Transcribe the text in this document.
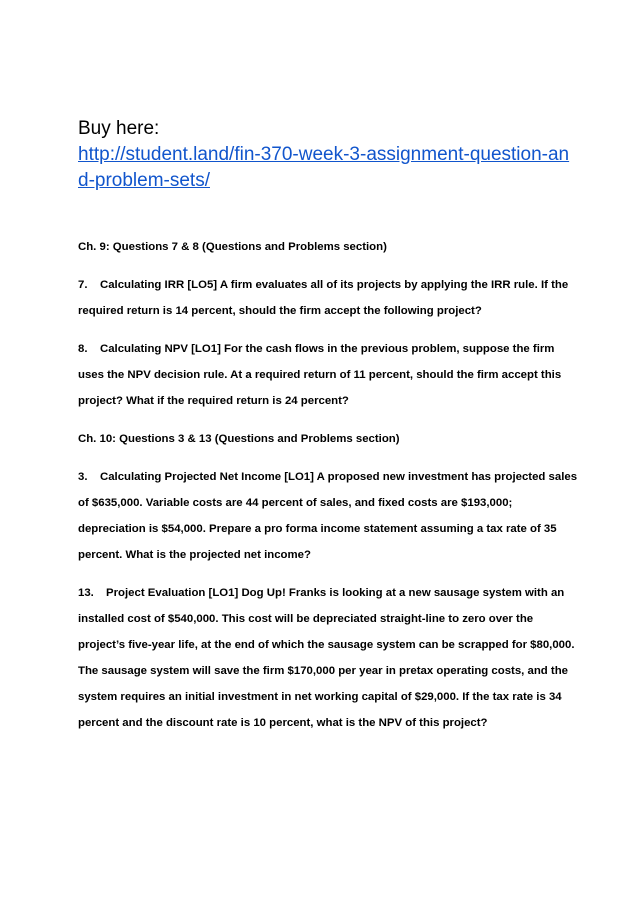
Buy here:

http://student.land/fin-370-week-3-assignment-question-and-problem-sets/

Ch. 9: Questions 7 & 8 (Questions and Problems section)

7. Calculating IRR [LO5] A firm evaluates all of its projects by applying the IRR rule. If the required return is 14 percent, should the firm accept the following project?

8. Calculating NPV [LO1] For the cash flows in the previous problem, suppose the firm uses the NPV decision rule. At a required return of 11 percent, should the firm accept this project? What if the required return is 24 percent?

Ch. 10: Questions 3 & 13 (Questions and Problems section)

3. Calculating Projected Net Income [LO1] A proposed new investment has projected sales of $635,000. Variable costs are 44 percent of sales, and fixed costs are $193,000; depreciation is $54,000. Prepare a pro forma income statement assuming a tax rate of 35 percent. What is the projected net income?

13. Project Evaluation [LO1] Dog Up! Franks is looking at a new sausage system with an installed cost of $540,000. This cost will be depreciated straight-line to zero over the project’s five-year life, at the end of which the sausage system can be scrapped for $80,000. The sausage system will save the firm $170,000 per year in pretax operating costs, and the system requires an initial investment in net working capital of $29,000. If the tax rate is 34 percent and the discount rate is 10 percent, what is the NPV of this project?
